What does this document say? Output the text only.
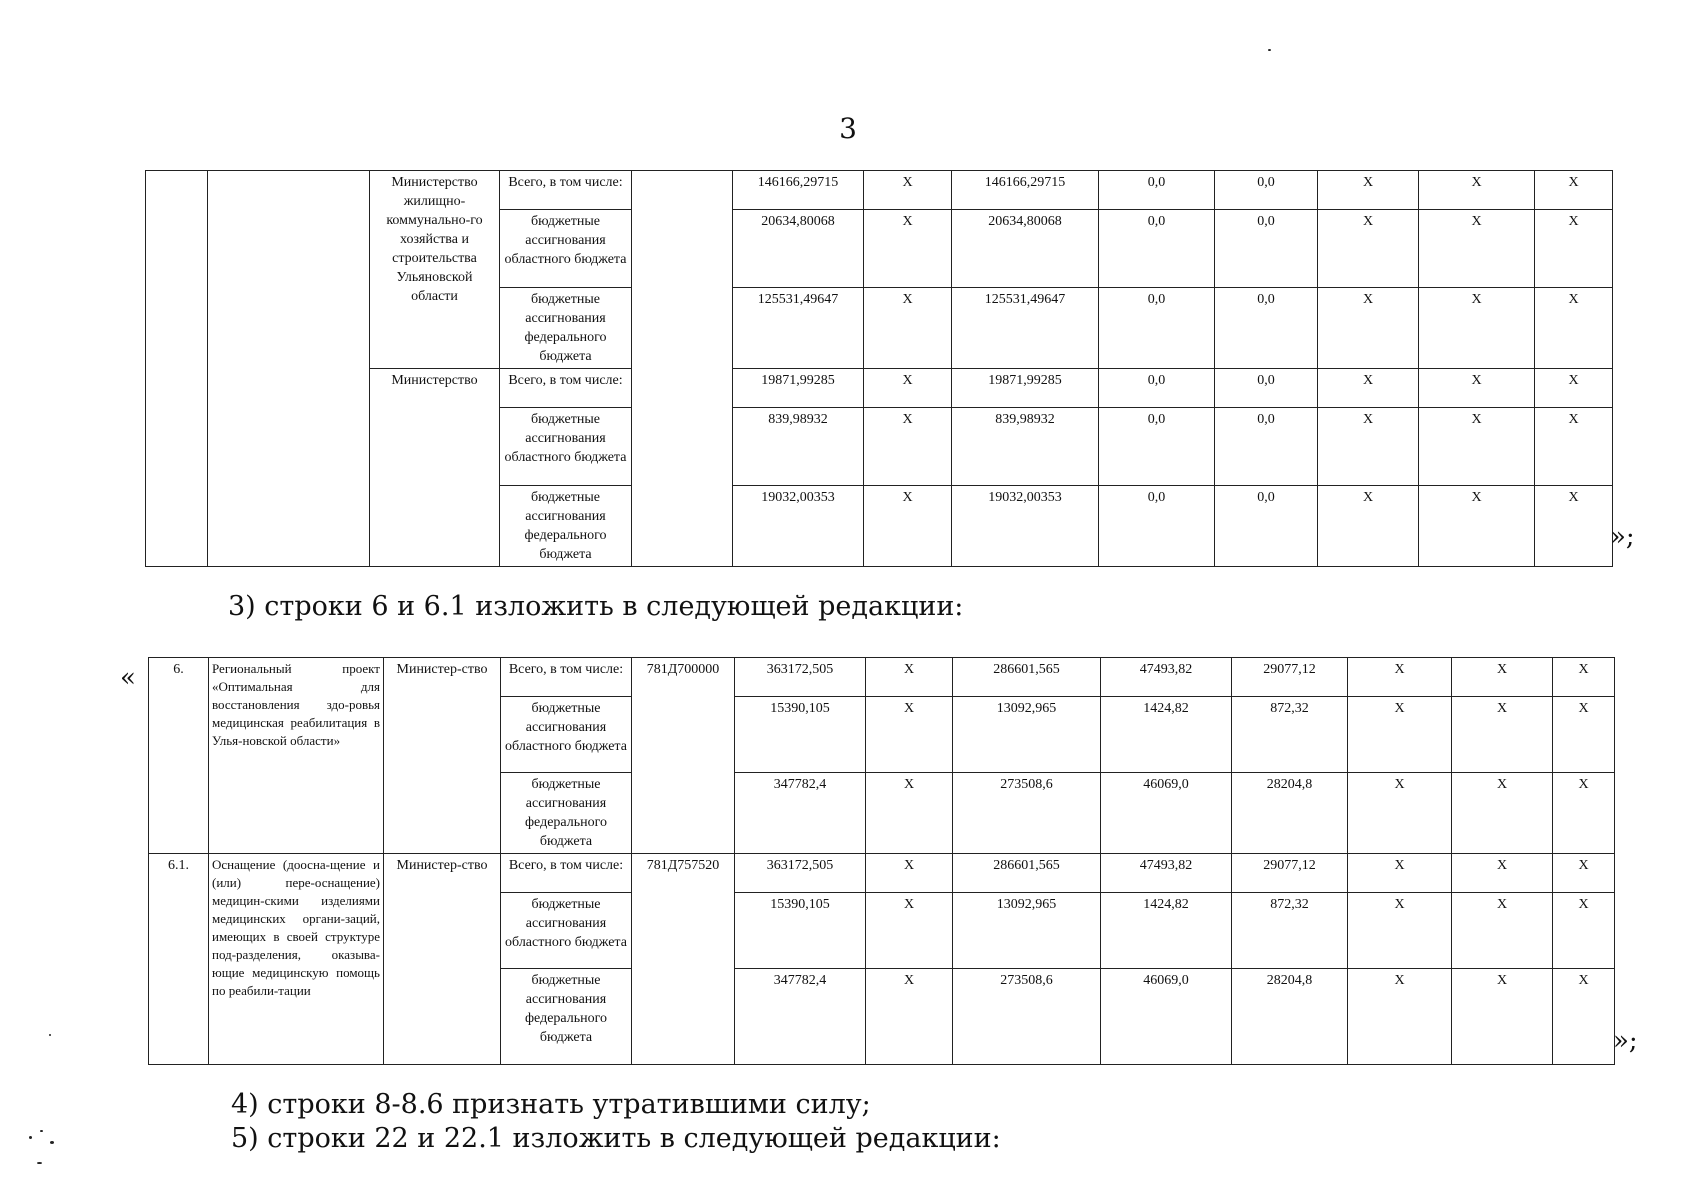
3
		Министерство жилищно-коммунально-го хозяйства и строительства Ульяновской области	Всего, в том числе:		146166,29715	X	146166,29715	0,0	0,0	X	X	X
			бюджетные ассигнования областного бюджета		20634,80068	X	20634,80068	0,0	0,0	X	X	X
			бюджетные ассигнования федерального бюджета		125531,49647	X	125531,49647	0,0	0,0	X	X	X
		Министерство	Всего, в том числе:		19871,99285	X	19871,99285	0,0	0,0	X	X	X
			бюджетные ассигнования областного бюджета		839,98932	X	839,98932	0,0	0,0	X	X	X
			бюджетные ассигнования федерального бюджета		19032,00353	X	19032,00353	0,0	0,0	X	X	X
»;
3) строки 6 и 6.1 изложить в следующей редакции:
«	6.	Региональный проект «Оптимальная для восстановления здо-ровья медицинская реабилитация в Улья-новской области»	Министер-ство	Всего, в том числе:	781Д700000	363172,505	X	286601,565	47493,82	29077,12	X	X	X
			бюджетные ассигнования областного бюджета		15390,105	X	13092,965	1424,82	872,32	X	X	X
			бюджетные ассигнования федерального бюджета		347782,4	X	273508,6	46069,0	28204,8	X	X	X
6.1.	Оснащение (доосна-щение и (или) пере-оснащение) медицин-скими изделиями медицинских органи-заций, имеющих в своей структуре под-разделения, оказыва-ющие медицинскую помощь по реабили-тации	Министер-ство	Всего, в том числе:	781Д757520	363172,505	X	286601,565	47493,82	29077,12	X	X	X
			бюджетные ассигнования областного бюджета		15390,105	X	13092,965	1424,82	872,32	X	X	X
			бюджетные ассигнования федерального бюджета		347782,4	X	273508,6	46069,0	28204,8	X	X	X
»;
4) строки 8-8.6 признать утратившими силу;
5) строки 22 и 22.1 изложить в следующей редакции:
